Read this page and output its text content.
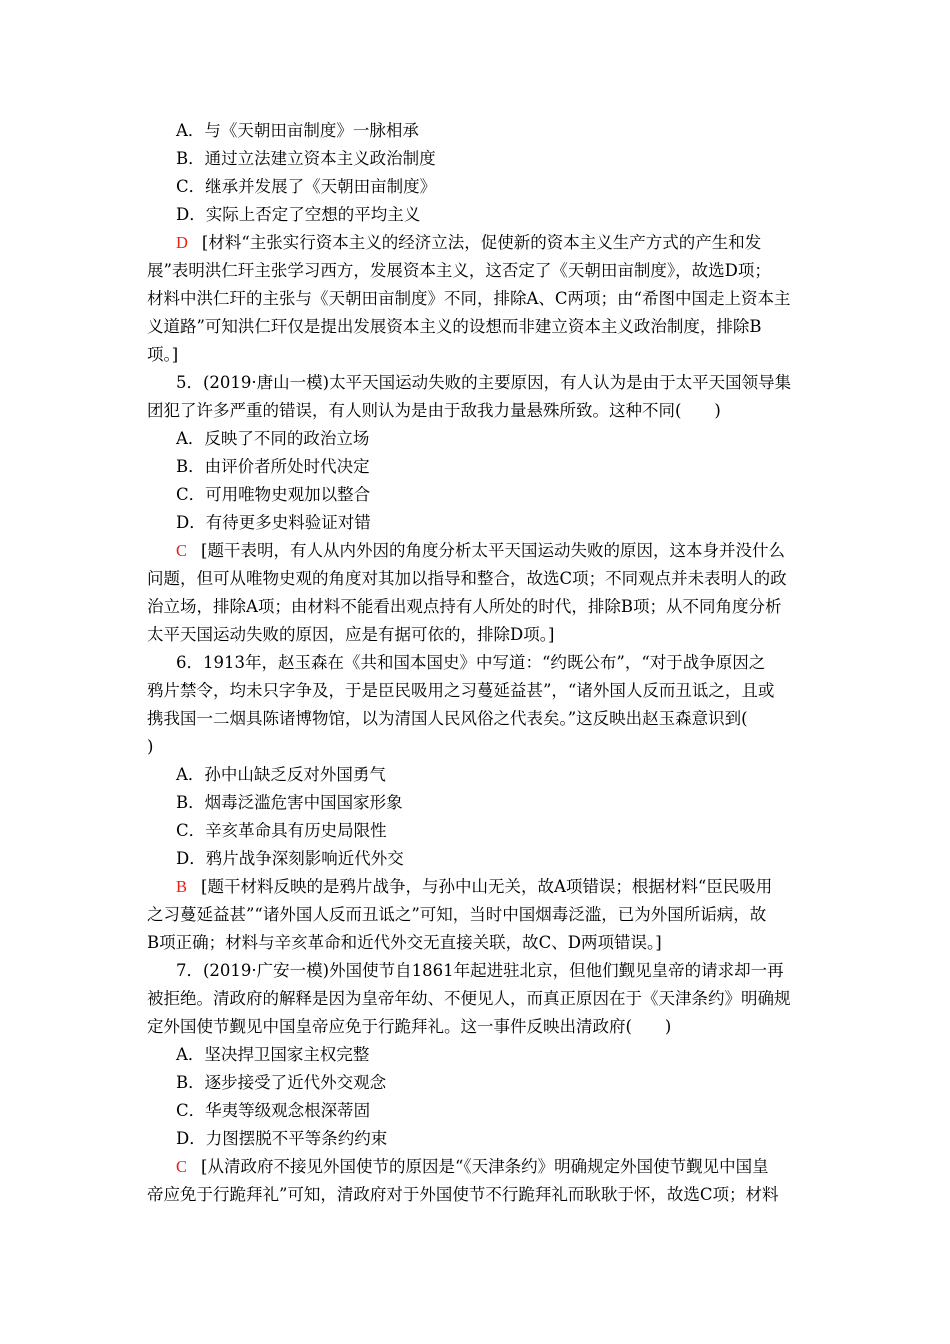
A．与《天朝田亩制度》一脉相承
B．通过立法建立资本主义政治制度
C．继承并发展了《天朝田亩制度》
D．实际上否定了空想的平均主义
D [材料“主张实行资本主义的经济立法，促使新的资本主义生产方式的产生和发
展”表明洪仁玕主张学习西方，发展资本主义，这否定了《天朝田亩制度》，故选D项；
材料中洪仁玕的主张与《天朝田亩制度》不同，排除A、C两项；由“希图中国走上资本主
义道路”可知洪仁玕仅是提出发展资本主义的设想而非建立资本主义政治制度，排除B
项。]
5．(2019·唐山一模)太平天国运动失败的主要原因，有人认为是由于太平天国领导集
团犯了许多严重的错误，有人则认为是由于敌我力量悬殊所致。这种不同(　　)
A．反映了不同的政治立场
B．由评价者所处时代决定
C．可用唯物史观加以整合
D．有待更多史料验证对错
C [题干表明，有人从内外因的角度分析太平天国运动失败的原因，这本身并没什么
问题，但可从唯物史观的角度对其加以指导和整合，故选C项；不同观点并未表明人的政
治立场，排除A项；由材料不能看出观点持有人所处的时代，排除B项；从不同角度分析
太平天国运动失败的原因，应是有据可依的，排除D项。]
6．1913年，赵玉森在《共和国本国史》中写道：“约既公布”，“对于战争原因之
鸦片禁令，均未只字争及，于是臣民吸用之习蔓延益甚”，“诸外国人反而丑诋之，且或
携我国一二烟具陈诸博物馆，以为清国人民风俗之代表矣。”这反映出赵玉森意识到(
)
A．孙中山缺乏反对外国勇气
B．烟毒泛滥危害中国国家形象
C．辛亥革命具有历史局限性
D．鸦片战争深刻影响近代外交
B [题干材料反映的是鸦片战争，与孙中山无关，故A项错误；根据材料“臣民吸用
之习蔓延益甚”“诸外国人反而丑诋之”可知，当时中国烟毒泛滥，已为外国所诟病，故
B项正确；材料与辛亥革命和近代外交无直接关联，故C、D两项错误。]
7．(2019·广安一模)外国使节自1861年起进驻北京，但他们觐见皇帝的请求却一再
被拒绝。清政府的解释是因为皇帝年幼、不便见人，而真正原因在于《天津条约》明确规
定外国使节觐见中国皇帝应免于行跪拜礼。这一事件反映出清政府(　　)
A．坚决捍卫国家主权完整
B．逐步接受了近代外交观念
C．华夷等级观念根深蒂固
D．力图摆脱不平等条约约束
C [从清政府不接见外国使节的原因是“《天津条约》明确规定外国使节觐见中国皇
帝应免于行跪拜礼”可知，清政府对于外国使节不行跪拜礼而耿耿于怀，故选C项；材料
